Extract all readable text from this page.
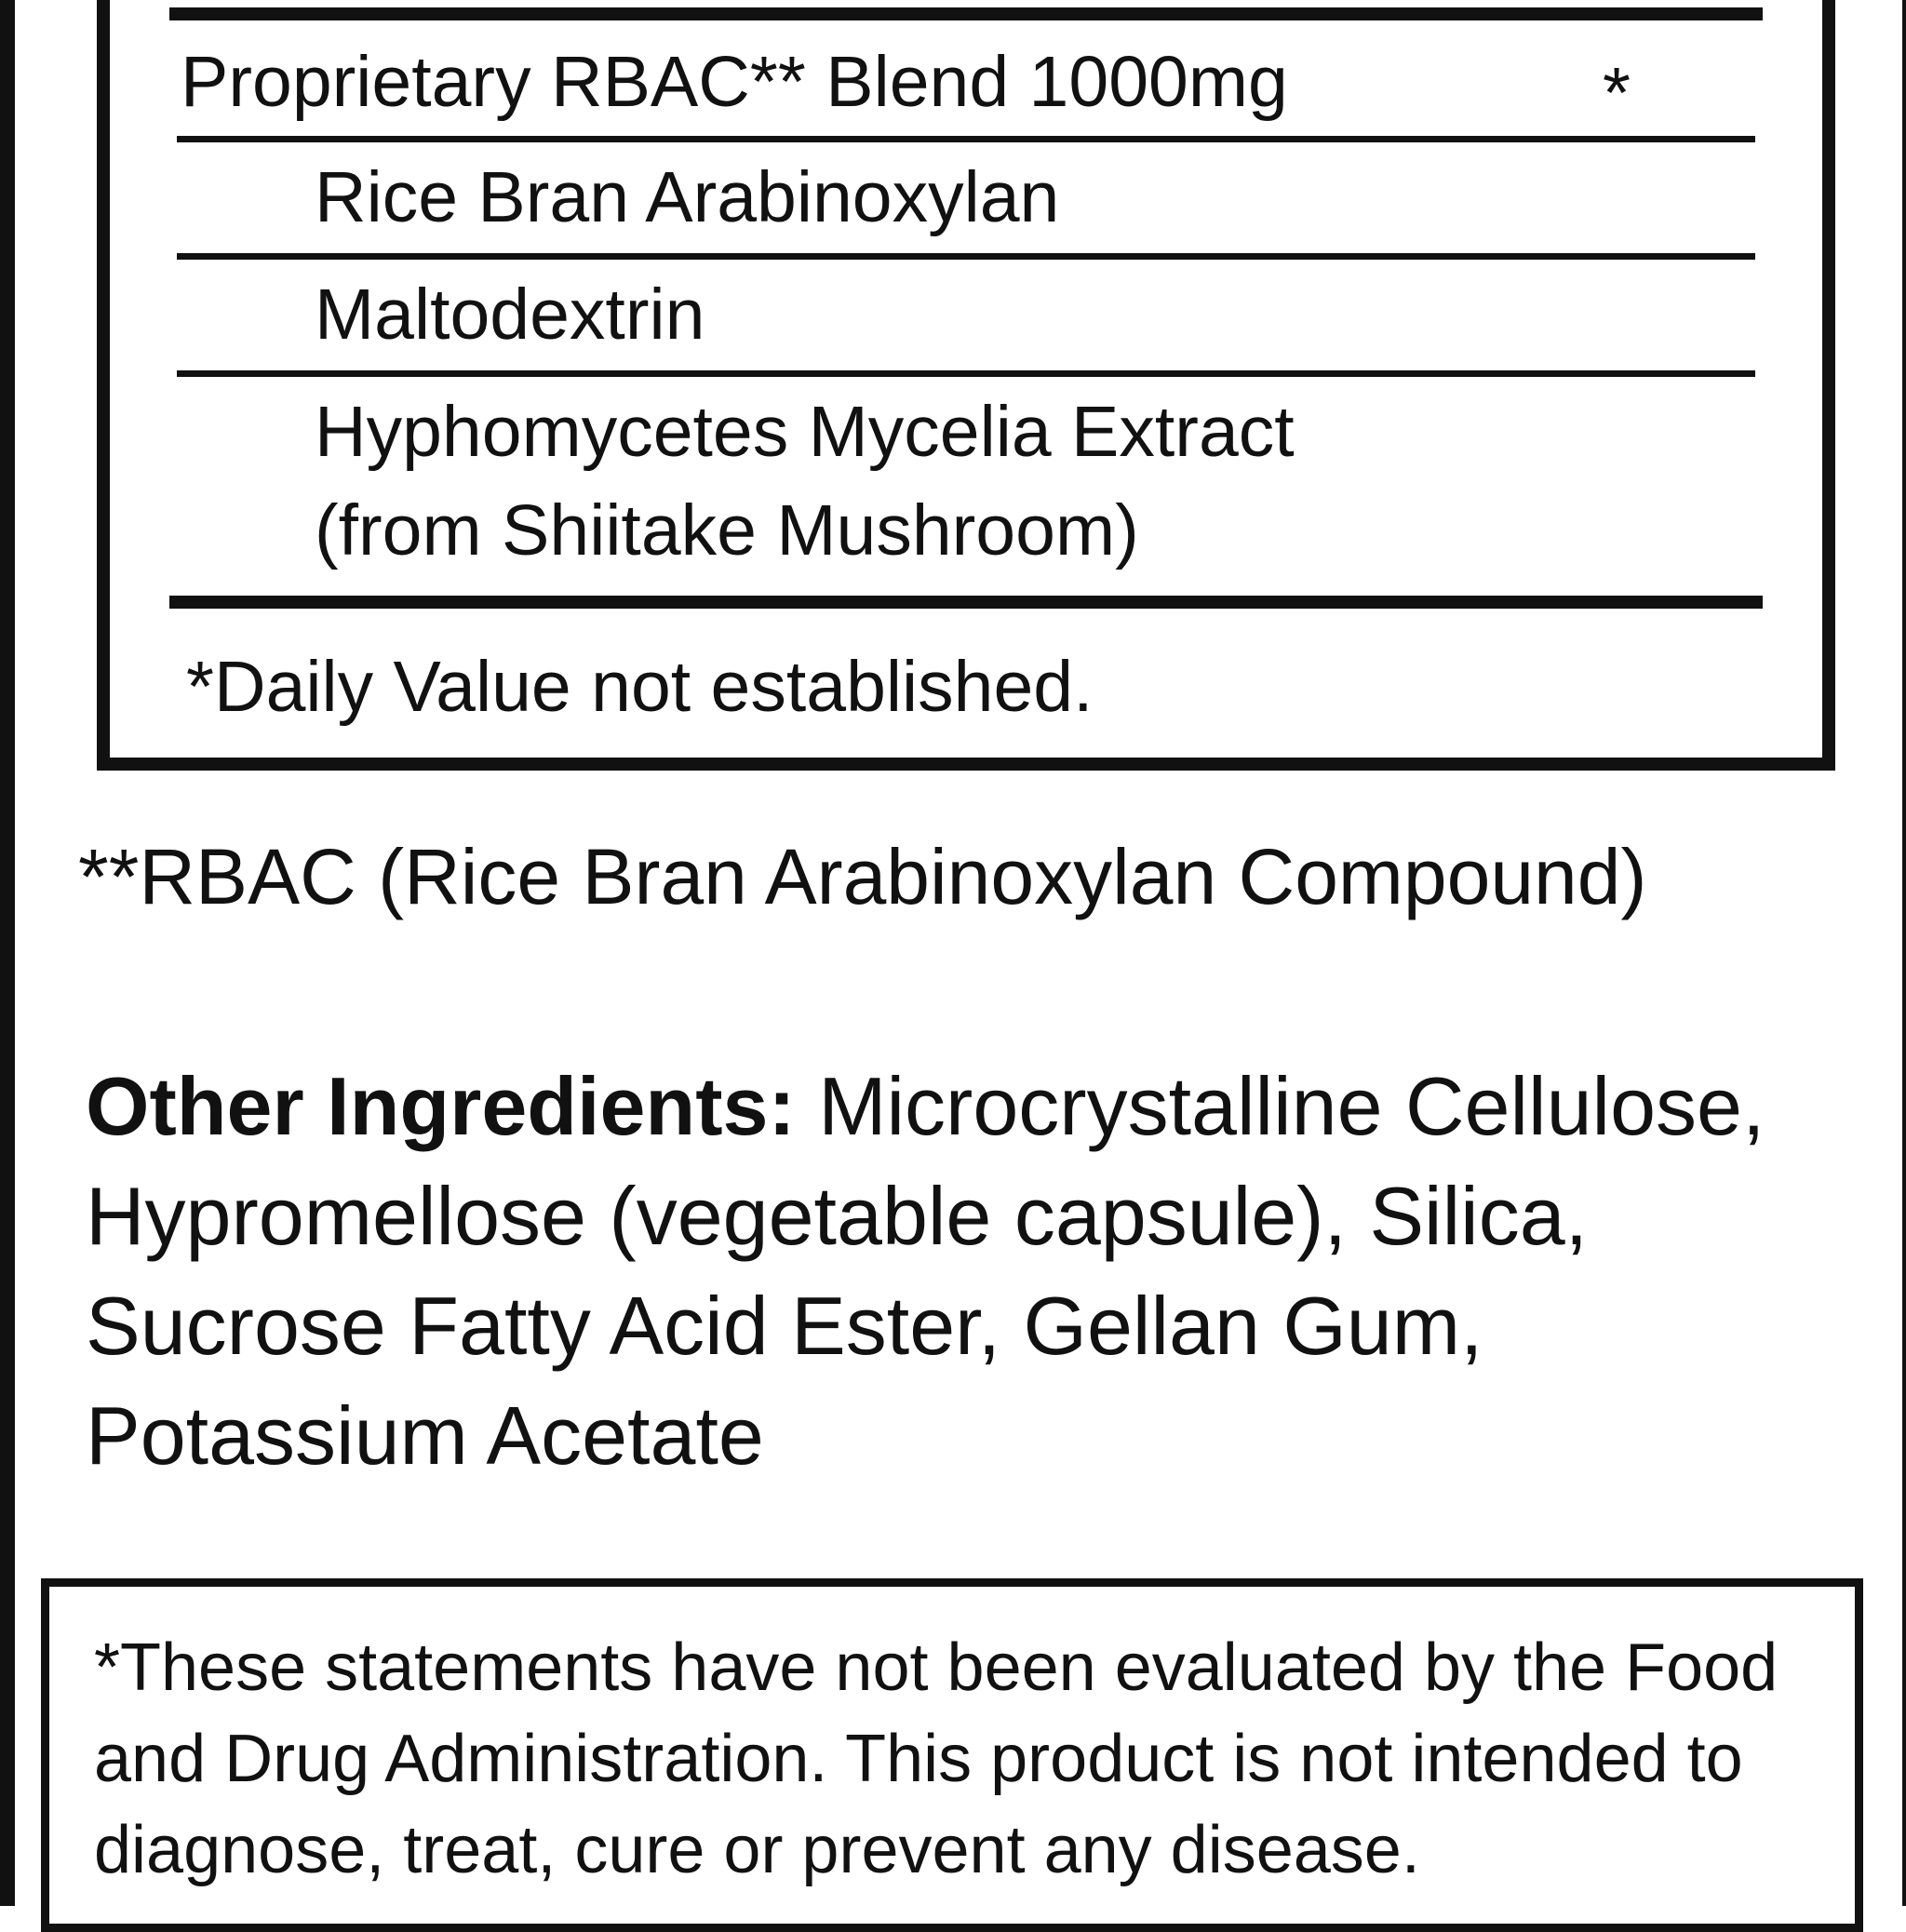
Proprietary RBAC** Blend 1000mg	*
Rice Bran Arabinoxylan
Maltodextrin
Hyphomycetes Mycelia Extract
(from Shiitake Mushroom)
*Daily Value not established.
**RBAC (Rice Bran Arabinoxylan Compound)
Other Ingredients: Microcrystalline Cellulose, Hypromellose (vegetable capsule), Silica, Sucrose Fatty Acid Ester, Gellan Gum, Potassium Acetate
*These statements have not been evaluated by the Food and Drug Administration. This product is not intended to diagnose, treat, cure or prevent any disease.
